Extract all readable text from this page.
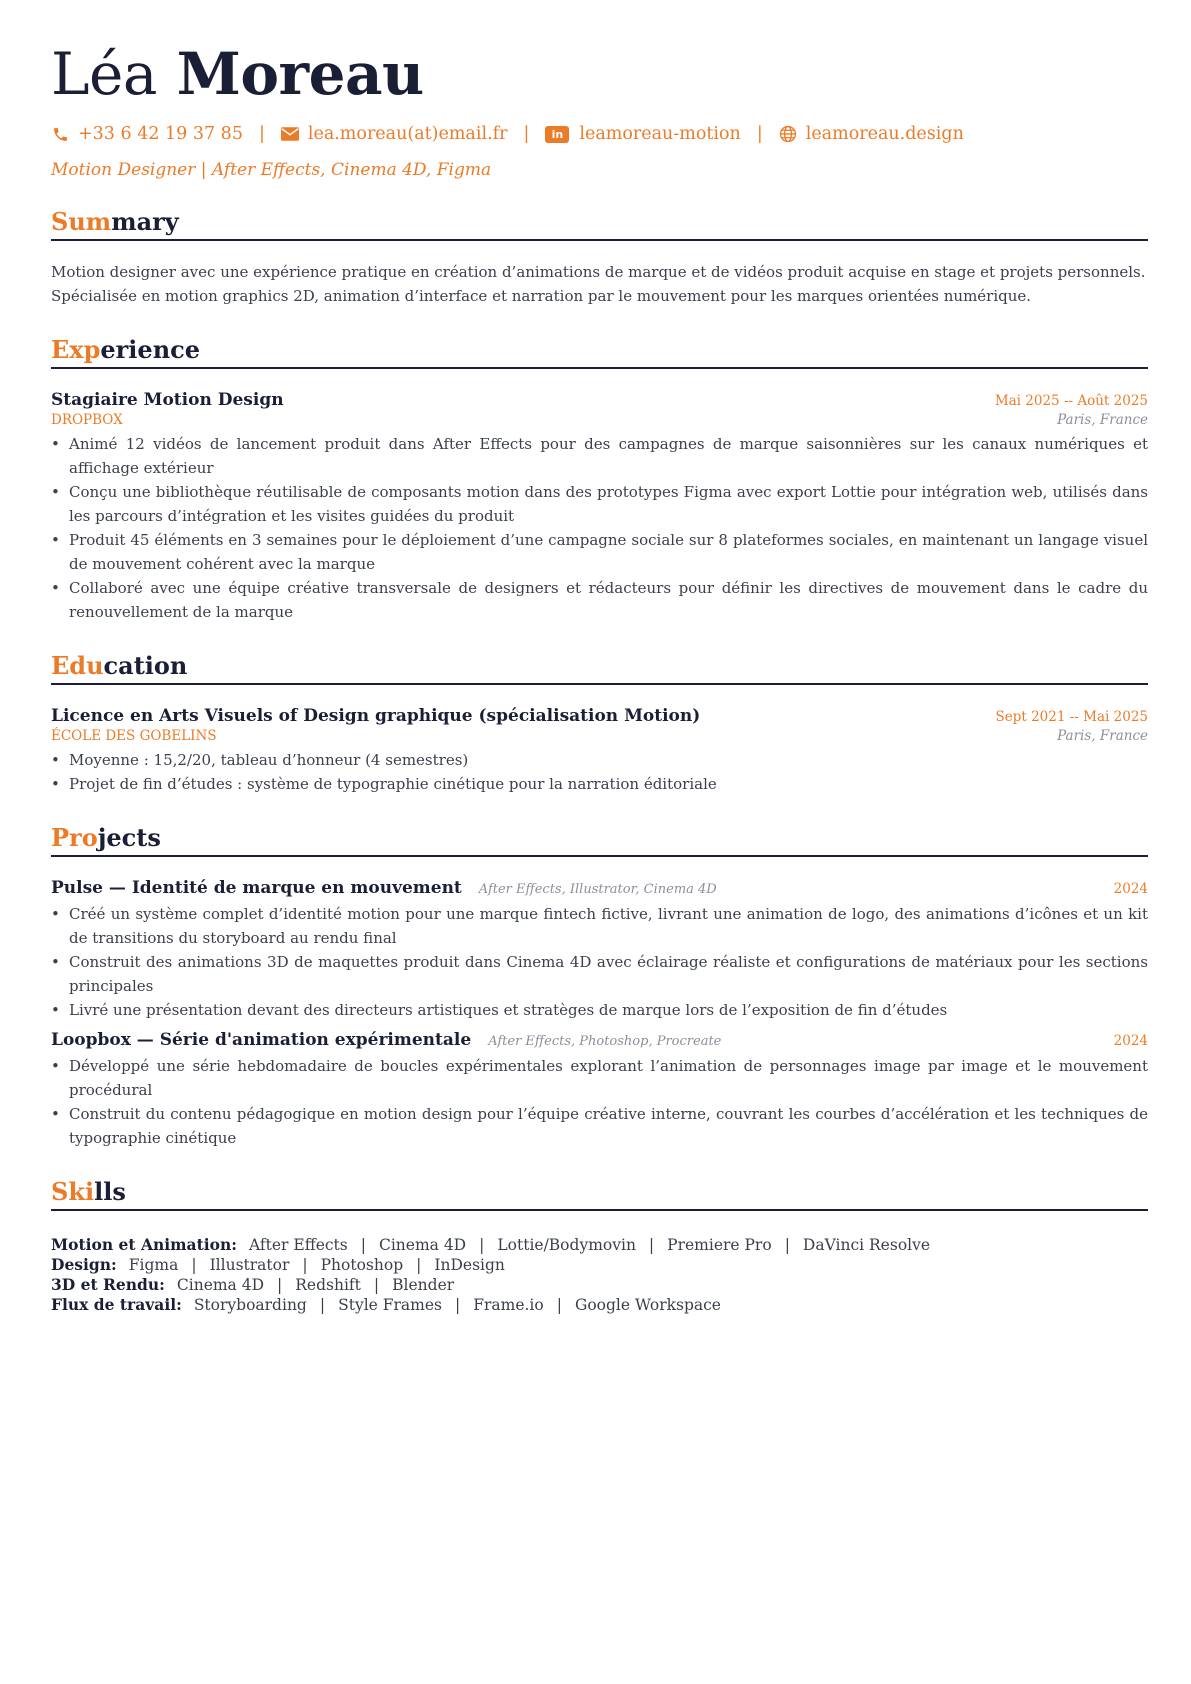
Léa Moreau
+33 6 42 19 37 85 | lea.moreau(at)email.fr |	in leamoreau-motion | leamoreau.design
Motion Designer | After Effects, Cinema 4D, Figma
Summary
Motion designer avec une expérience pratique en création d’animations de marque et de vidéos produit acquise en stage et projets personnels.
Spécialisée en motion graphics 2D, animation d’interface et narration par le mouvement pour les marques orientées numérique.
Experience
Stagiaire Motion Design	Mai 2025 -- Août 2025
DROPBOX	Paris, France
• Animé 12 vidéos de lancement produit dans After Effects pour des campagnes de marque saisonnières sur les canaux numériques et affichage extérieur
• Conçu une bibliothèque réutilisable de composants motion dans des prototypes Figma avec export Lottie pour intégration web, utilisés dans les parcours d’intégration et les visites guidées du produit
• Produit 45 éléments en 3 semaines pour le déploiement d’une campagne sociale sur 8 plateformes sociales, en maintenant un langage visuel de mouvement cohérent avec la marque
• Collaboré avec une équipe créative transversale de designers et rédacteurs pour définir les directives de mouvement dans le cadre du renouvellement de la marque
Education
Licence en Arts Visuels of Design graphique (spécialisation Motion)	Sept 2021 -- Mai 2025
ÉCOLE DES GOBELINS	Paris, France
• Moyenne : 15,2/20, tableau d’honneur (4 semestres)
• Projet de fin d’études : système de typographie cinétique pour la narration éditoriale
Projects
Pulse — Identité de marque en mouvement After Effects, Illustrator, Cinema 4D	2024
• Créé un système complet d’identité motion pour une marque fintech fictive, livrant une animation de logo, des animations d’icônes et un kit de transitions du storyboard au rendu final
• Construit des animations 3D de maquettes produit dans Cinema 4D avec éclairage réaliste et configurations de matériaux pour les sections principales
• Livré une présentation devant des directeurs artistiques et stratèges de marque lors de l’exposition de fin d’études
Loopbox — Série d'animation expérimentale After Effects, Photoshop, Procreate	2024
• Développé une série hebdomadaire de boucles expérimentales explorant l’animation de personnages image par image et le mouvement procédural
• Construit du contenu pédagogique en motion design pour l’équipe créative interne, couvrant les courbes d’accélération et les techniques de typographie cinétique
Skills
Motion et Animation: After Effects | Cinema 4D | Lottie/Bodymovin | Premiere Pro | DaVinci Resolve
Design: Figma | Illustrator | Photoshop | InDesign
3D et Rendu: Cinema 4D | Redshift | Blender
Flux de travail: Storyboarding | Style Frames | Frame.io | Google Workspace
